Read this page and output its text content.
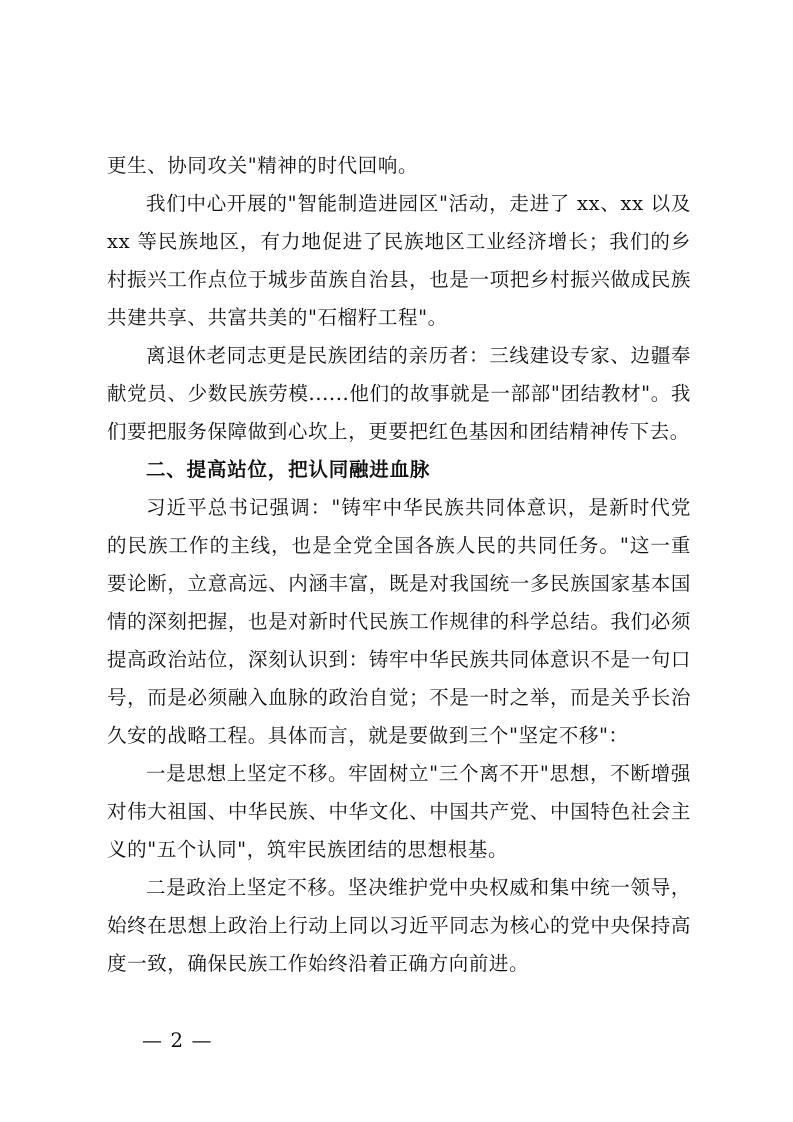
更生、协同攻关"精神的时代回响。

我们中心开展的"智能制造进园区"活动，走进了 xx、xx 以及 xx 等民族地区，有力地促进了民族地区工业经济增长；我们的乡村振兴工作点位于城步苗族自治县，也是一项把乡村振兴做成民族共建共享、共富共美的"石榴籽工程"。

离退休老同志更是民族团结的亲历者：三线建设专家、边疆奉献党员、少数民族劳模......他们的故事就是一部部"团结教材"。我们要把服务保障做到心坎上，更要把红色基因和团结精神传下去。

二、提高站位，把认同融进血脉

习近平总书记强调："铸牢中华民族共同体意识，是新时代党的民族工作的主线，也是全党全国各族人民的共同任务。"这一重要论断，立意高远、内涵丰富，既是对我国统一多民族国家基本国情的深刻把握，也是对新时代民族工作规律的科学总结。我们必须提高政治站位，深刻认识到：铸牢中华民族共同体意识不是一句口号，而是必须融入血脉的政治自觉；不是一时之举，而是关乎长治久安的战略工程。具体而言，就是要做到三个"坚定不移"：

一是思想上坚定不移。牢固树立"三个离不开"思想，不断增强对伟大祖国、中华民族、中华文化、中国共产党、中国特色社会主义的"五个认同"，筑牢民族团结的思想根基。

二是政治上坚定不移。坚决维护党中央权威和集中统一领导，始终在思想上政治上行动上同以习近平同志为核心的党中央保持高度一致，确保民族工作始终沿着正确方向前进。

— 2 —
